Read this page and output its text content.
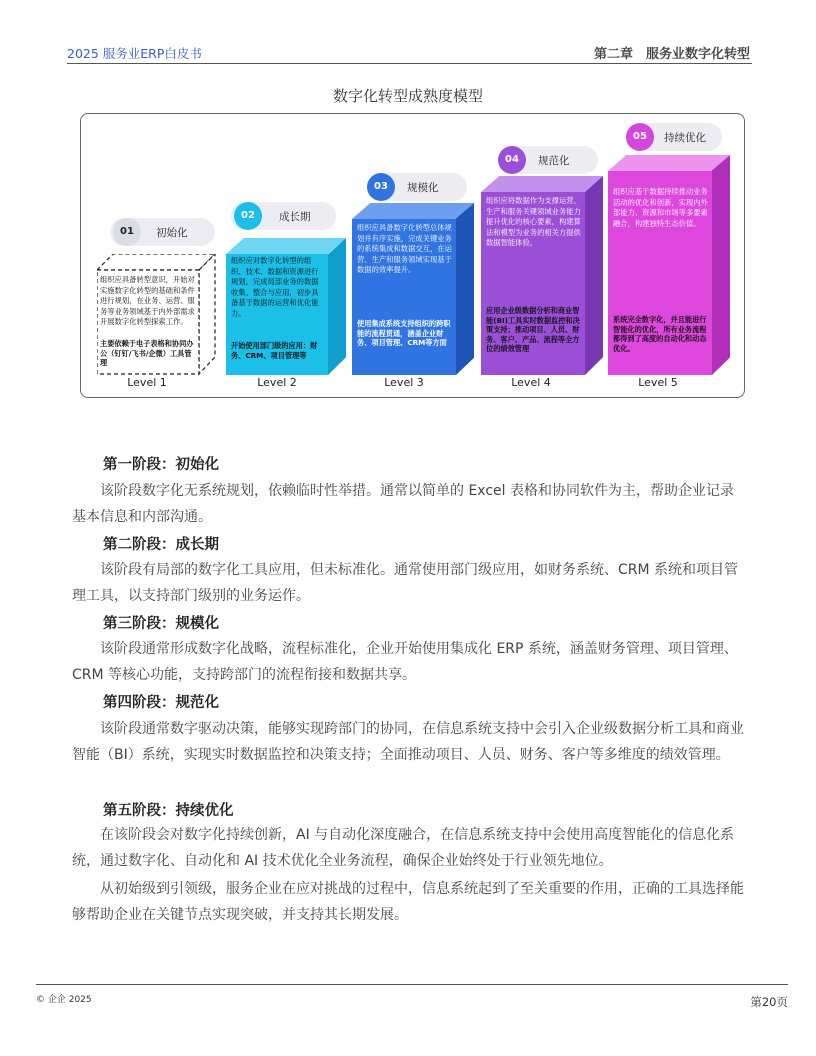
2025 服务业ERP白皮书	第二章　服务业数字化转型
数字化转型成熟度模型
01	初始化
组织应具备转型意识，开始对实施数字化转型的基础和条件进行规划，在业务、运营、服务等业务领域基于内外部需求开展数字化转型探索工作。
主要依赖于电子表格和协同办公（钉钉/飞书/企微）工具管理
Level 1
02	成长期
组织应对数字化转型的组织、技术、数据和资源进行规划，完成局部业务的数据收集、整合与应用，初步具备基于数据的运营和优化能力。
开始使用部门级的应用：财务、CRM、项目管理等
Level 2
03	规模化
组织应具备数字化转型总体规划并有序实施，完成关键业务的系统集成和数据交互，在运营、生产和服务领域实现基于数据的效率提升。
使用集成系统支持组织的跨职能的流程贯通，涵盖企业财务、项目管理、CRM等方面
Level 3
04	规范化
组织应将数据作为支撑运营、生产和服务关键领域业务能力提升优化的核心要素，构建算法和模型为业务的相关方提供数据智能体验。
应用企业级数据分析和商业智能(BI)工具实时数据监控和决策支持；推动项目、人员、财务、客户、产品、流程等全方位的绩效管理
Level 4
05	持续优化
组织应基于数据持续推动业务活动的优化和创新，实现内外部能力、资源和市场等多要素融合，构建独特生态价值。
系统完全数字化，并且能进行智能化的优化，所有业务流程都得到了高度的自动化和动态优化。
Level 5
第一阶段：初始化
该阶段数字化无系统规划，依赖临时性举措。通常以简单的 Excel 表格和协同软件为主，帮助企业记录基本信息和内部沟通。
第二阶段：成长期
该阶段有局部的数字化工具应用，但未标准化。通常使用部门级应用，如财务系统、CRM 系统和项目管理工具，以支持部门级别的业务运作。
第三阶段：规模化
该阶段通常形成数字化战略，流程标准化，企业开始使用集成化 ERP 系统，涵盖财务管理、项目管理、CRM 等核心功能，支持跨部门的流程衔接和数据共享。
第四阶段：规范化
该阶段通常数字驱动决策，能够实现跨部门的协同，在信息系统支持中会引入企业级数据分析工具和商业智能（BI）系统，实现实时数据监控和决策支持；全面推动项目、人员、财务、客户等多维度的绩效管理。
第五阶段：持续优化
在该阶段会对数字化持续创新，AI 与自动化深度融合，在信息系统支持中会使用高度智能化的信息化系统，通过数字化、自动化和 AI 技术优化全业务流程，确保企业始终处于行业领先地位。
从初始级到引领级，服务企业在应对挑战的过程中，信息系统起到了至关重要的作用，正确的工具选择能够帮助企业在关键节点实现突破，并支持其长期发展。
© 企企 2025	第20页
